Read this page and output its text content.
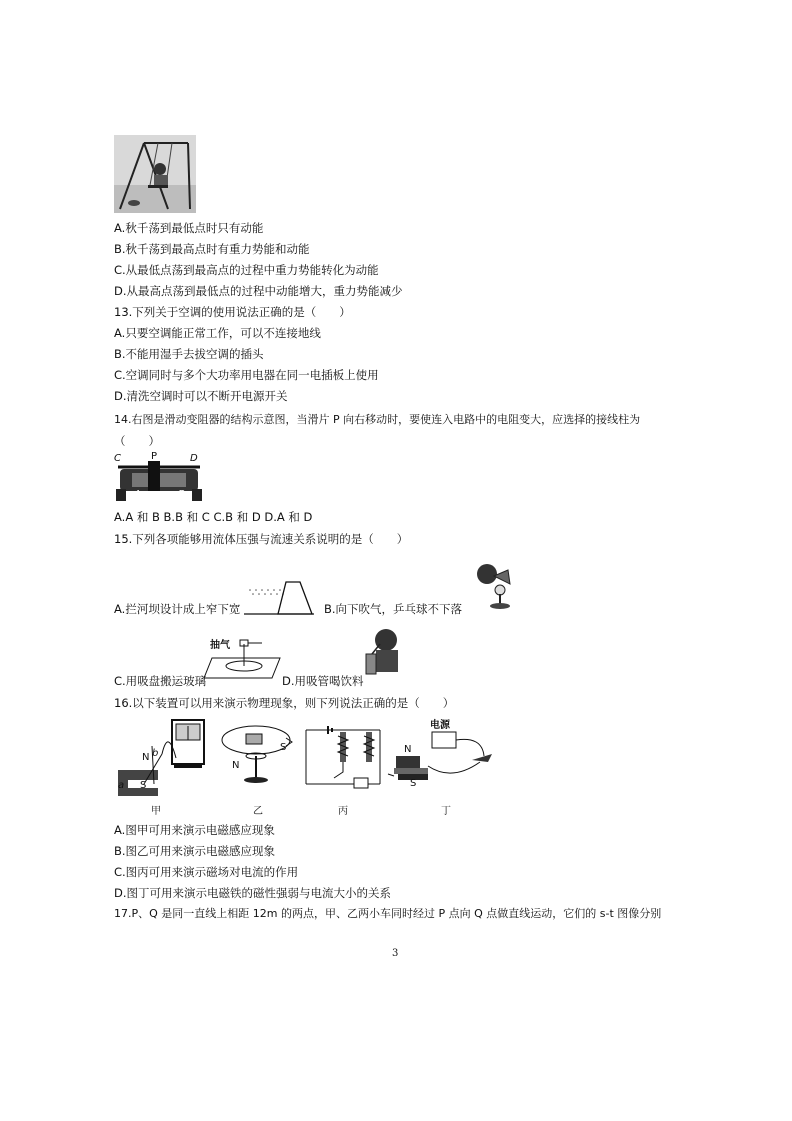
A.秋千荡到最低点时只有动能
B.秋千荡到最高点时有重力势能和动能
C.从最低点荡到最高点的过程中重力势能转化为动能
D.从最高点荡到最低点的过程中动能增大，重力势能减少
13.下列关于空调的使用说法正确的是（　　）
A.只要空调能正常工作，可以不连接地线
B.不能用湿手去拔空调的插头
C.空调同时与多个大功率用电器在同一电插板上使用
D.清洗空调时可以不断开电源开关
14.右图是滑动变阻器的结构示意图，当滑片 P 向右移动时，要使连入电路中的电阻变大，应选择的接线柱为
（　　）
C	P	D
A	B
A.A 和 B B.B 和 C C.B 和 D D.A 和 D
15.下列各项能够用流体压强与流速关系说明的是（　　）
A.拦河坝设计成上窄下宽	B.向下吹气，乒乓球不下落
抽气
C.用吸盘搬运玻璃	D.用吸管喝饮料
16.以下装置可以用来演示物理现象，则下列说法正确的是（　　）
N b
a S
甲
S
N
乙	丙
电源
N
S
丁
A.图甲可用来演示电磁感应现象
B.图乙可用来演示电磁感应现象
C.图丙可用来演示磁场对电流的作用
D.图丁可用来演示电磁铁的磁性强弱与电流大小的关系
17.P、Q 是同一直线上相距 12m 的两点，甲、乙两小车同时经过 P 点向 Q 点做直线运动，它们的 s-t 图像分别
3
